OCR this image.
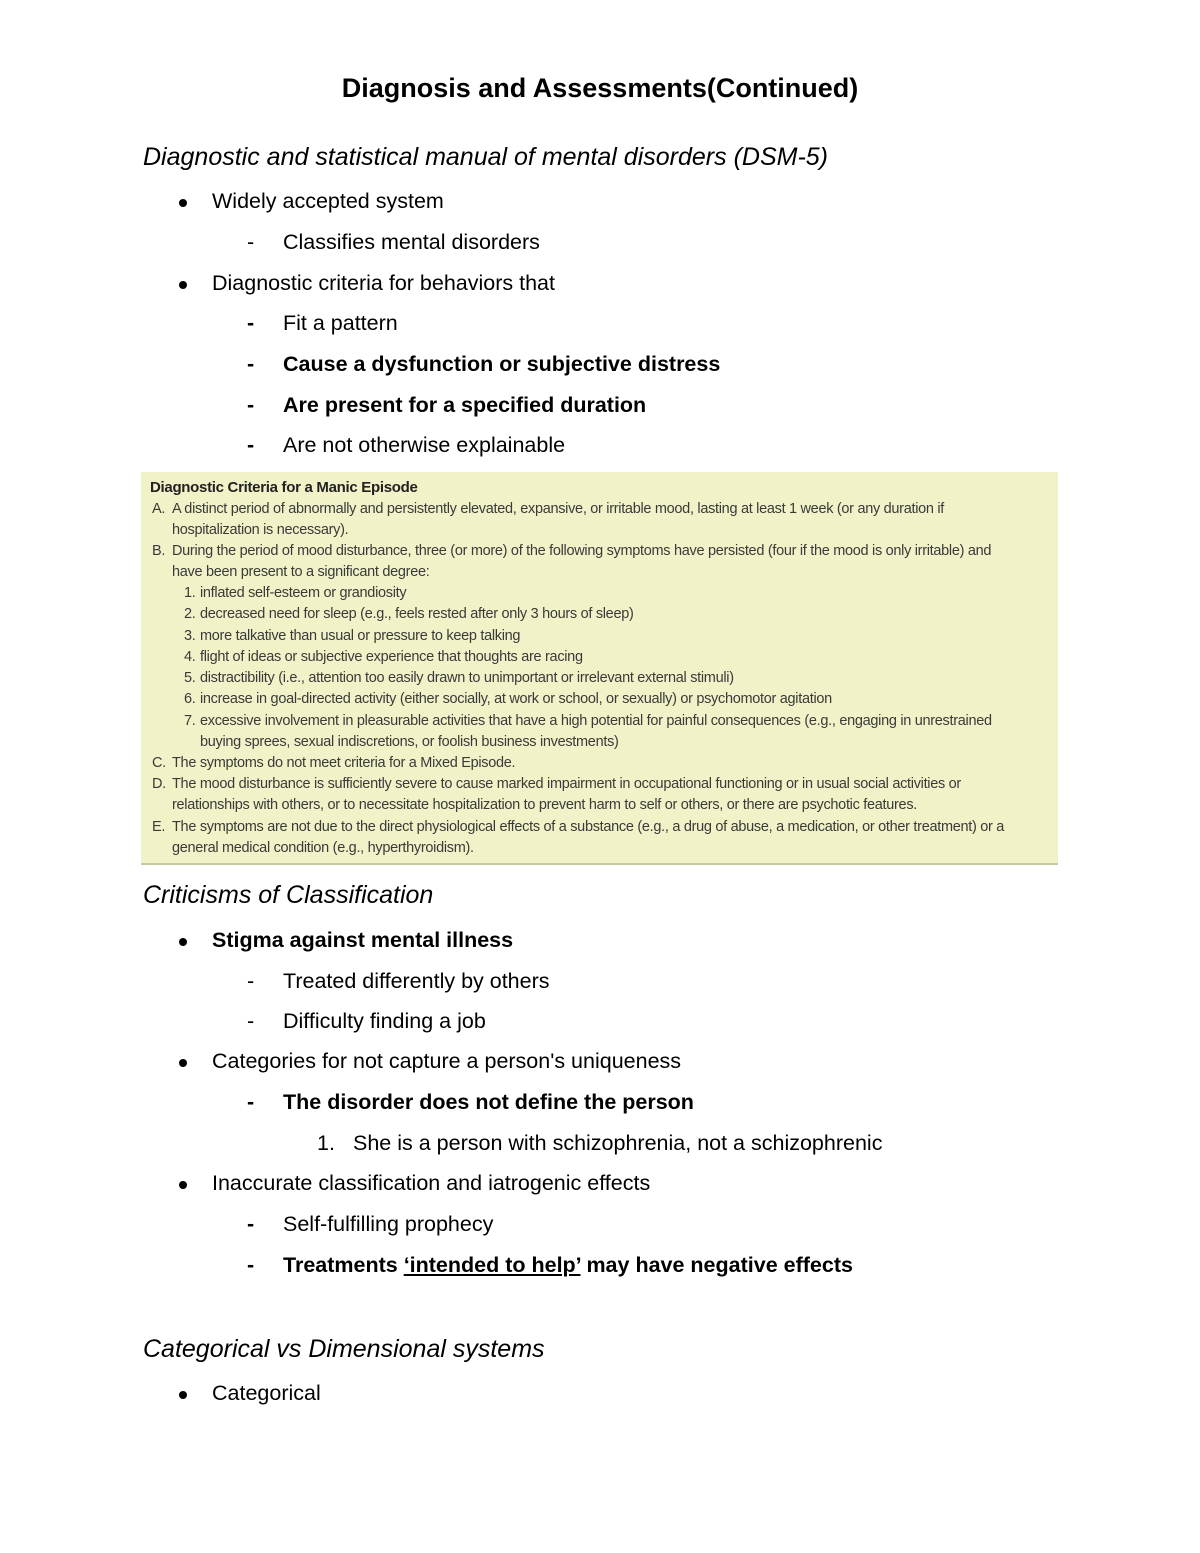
Diagnosis and Assessments(Continued)
Diagnostic and statistical manual of mental disorders (DSM-5)
Widely accepted system
- Classifies mental disorders
Diagnostic criteria for behaviors that
- Fit a pattern
- Cause a dysfunction or subjective distress
- Are present for a specified duration
- Are not otherwise explainable
Diagnostic Criteria for a Manic Episode
A. A distinct period of abnormally and persistently elevated, expansive, or irritable mood, lasting at least 1 week (or any duration if
hospitalization is necessary).
B. During the period of mood disturbance, three (or more) of the following symptoms have persisted (four if the mood is only irritable) and
have been present to a significant degree:
1. inflated self-esteem or grandiosity
2. decreased need for sleep (e.g., feels rested after only 3 hours of sleep)
3. more talkative than usual or pressure to keep talking
4. flight of ideas or subjective experience that thoughts are racing
5. distractibility (i.e., attention too easily drawn to unimportant or irrelevant external stimuli)
6. increase in goal-directed activity (either socially, at work or school, or sexually) or psychomotor agitation
7. excessive involvement in pleasurable activities that have a high potential for painful consequences (e.g., engaging in unrestrained
buying sprees, sexual indiscretions, or foolish business investments)
C. The symptoms do not meet criteria for a Mixed Episode.
D. The mood disturbance is sufficiently severe to cause marked impairment in occupational functioning or in usual social activities or
relationships with others, or to necessitate hospitalization to prevent harm to self or others, or there are psychotic features.
E. The symptoms are not due to the direct physiological effects of a substance (e.g., a drug of abuse, a medication, or other treatment) or a
general medical condition (e.g., hyperthyroidism).
Criticisms of Classification
Stigma against mental illness
- Treated differently by others
- Difficulty finding a job
Categories for not capture a person's uniqueness
- The disorder does not define the person
1. She is a person with schizophrenia, not a schizophrenic
Inaccurate classification and iatrogenic effects
- Self-fulfilling prophecy
- Treatments ‘intended to help’ may have negative effects
Categorical vs Dimensional systems
Categorical
